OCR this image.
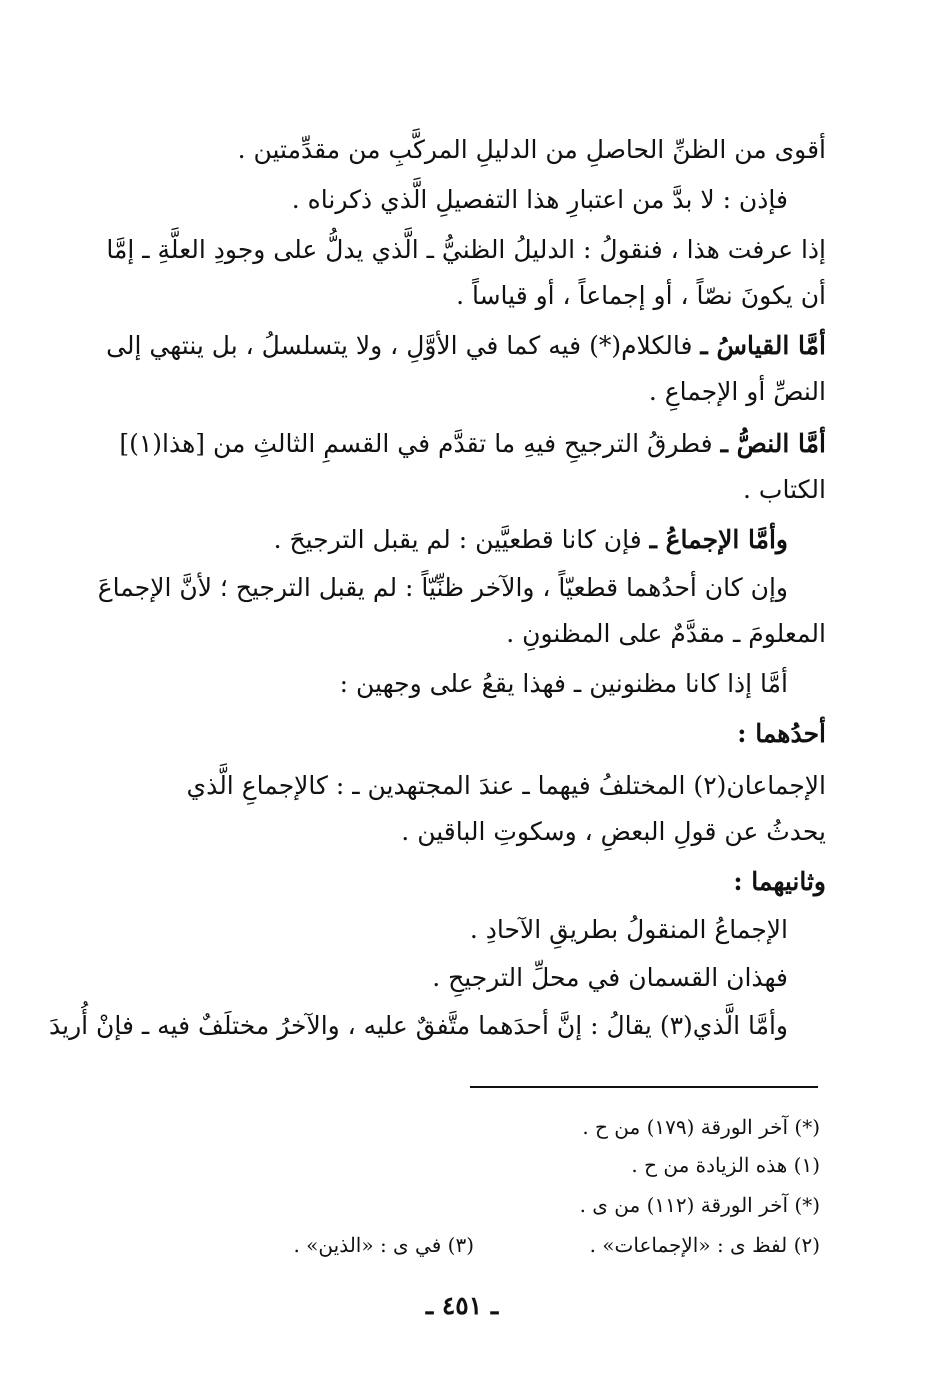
أقوى من الظنِّ الحاصلِ من الدليلِ المركَّبِ من مقدِّمتين .
فإذن : لا بدَّ من اعتبارِ هذا التفصيلِ الَّذي ذكرناه .
إذا عرفت هذا ، فنقولُ : الدليلُ الظنيُّ ـ الَّذي يدلُّ على وجودِ العلَّةِ ـ إمَّا
أن يكونَ نصّاً ، أو إجماعاً ، أو قياساً .
أمَّا القياسُ ـ فالكلام(*) فيه كما في الأوَّلِ ، ولا يتسلسلُ ، بل ينتهي إلى
النصِّ أو الإجماعِ .
أمَّا النصُّ ـ فطرقُ الترجيحِ فيهِ ما تقدَّم في القسمِ الثالثِ من [هذا(١)]
الكتاب .
وأمَّا الإجماعُ ـ فإن كانا قطعيَّين : لم يقبل الترجيحَ .
وإن كان أحدُهما قطعيّاً ، والآخر ظنِّيّاً : لم يقبل الترجيح ؛ لأنَّ الإجماعَ
المعلومَ ـ مقدَّمٌ على المظنونِ .
أمَّا إذا كانا مظنونين ـ فهذا يقعُ على وجهين :
أحدُهما :
الإجماعان(٢) المختلفُ فيهما ـ عندَ المجتهدين ـ : كالإجماعِ الَّذي
يحدثُ عن قولِ البعضِ ، وسكوتِ الباقين .
وثانيهما :
الإجماعُ المنقولُ بطريقِ الآحادِ .
فهذان القسمان في محلِّ الترجيحِ .
وأمَّا الَّذي(٣) يقالُ : إنَّ أحدَهما متَّفقٌ عليه ، والآخرُ مختلَفٌ فيه ـ فإنْ أُريدَ
(*) آخر الورقة (١٧٩) من ح .
(١) هذه الزيادة من ح .
(*) آخر الورقة (١١٢) من ى .
(٢) لفظ ى : «الإجماعات» .
(٣) في ى : «الذين» .
ـ ٤٥١ ـ
